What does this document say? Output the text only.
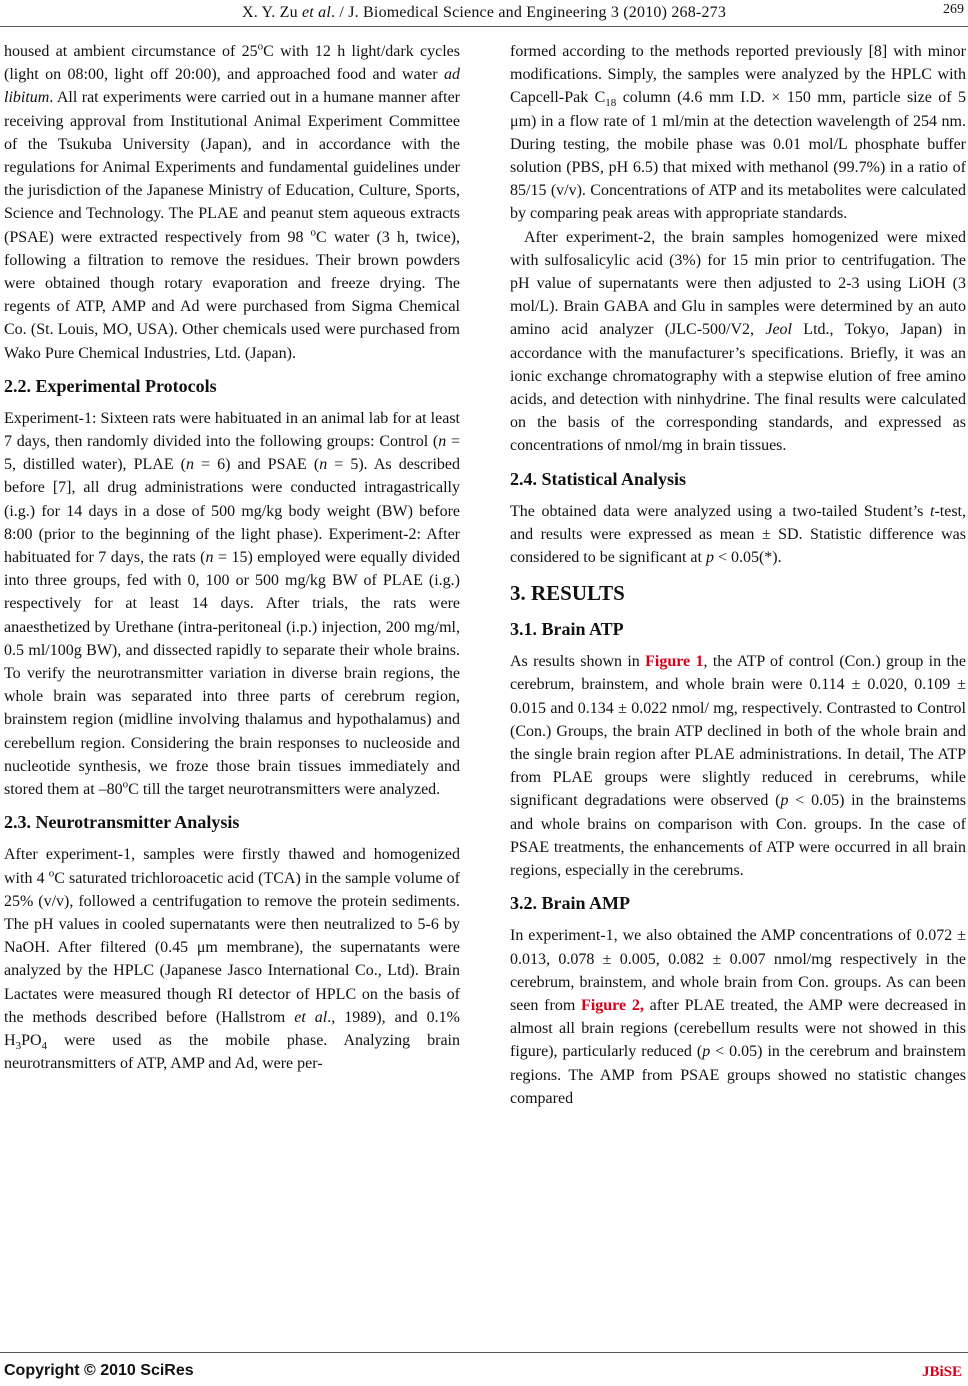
X. Y. Zu et al. / J. Biomedical Science and Engineering 3 (2010) 268-273	269

housed at ambient circumstance of 25$^o$C with 12 h light/dark cycles (light on 08:00, light off 20:00), and approached food and water ad libitum. All rat experiments were carried out in a humane manner after receiving approval from Institutional Animal Experiment Committee of the Tsukuba University (Japan), and in accordance with the regulations for Animal Experiments and fundamental guidelines under the jurisdiction of the Japanese Ministry of Education, Culture, Sports, Science and Technology. The PLAE and peanut stem aqueous extracts (PSAE) were extracted respectively from 98 $^o$C water (3 h, twice), following a filtration to remove the residues. Their brown powders were obtained though rotary evaporation and freeze drying. The regents of ATP, AMP and Ad were purchased from Sigma Chemical Co. (St. Louis, MO, USA). Other chemicals used were purchased from Wako Pure Chemical Industries, Ltd. (Japan).

2.2. Experimental Protocols

Experiment-1: Sixteen rats were habituated in an animal lab for at least 7 days, then randomly divided into the following groups: Control (n = 5, distilled water), PLAE (n = 6) and PSAE (n = 5). As described before [7], all drug administrations were conducted intragastrically (i.g.) for 14 days in a dose of 500 mg/kg body weight (BW) before 8:00 (prior to the beginning of the light phase). Experiment-2: After habituated for 7 days, the rats (n = 15) employed were equally divided into three groups, fed with 0, 100 or 500 mg/kg BW of PLAE (i.g.) respectively for at least 14 days. After trials, the rats were anaesthetized by Urethane (intra-peritoneal (i.p.) injection, 200 mg/ml, 0.5 ml/100g BW), and dissected rapidly to separate their whole brains. To verify the neurotransmitter variation in diverse brain regions, the whole brain was separated into three parts of cerebrum region, brainstem region (midline involving thalamus and hypothalamus) and cerebellum region. Considering the brain responses to nucleoside and nucleotide synthesis, we froze those brain tissues immediately and stored them at –80$^o$C till the target neurotransmitters were analyzed.

2.3. Neurotransmitter Analysis

After experiment-1, samples were firstly thawed and homogenized with 4 $^o$C saturated trichloroacetic acid (TCA) in the sample volume of 25% (v/v), followed a centrifugation to remove the protein sediments. The pH values in cooled supernatants were then neutralized to 5-6 by NaOH. After filtered (0.45 μm membrane), the supernatants were analyzed by the HPLC (Japanese Jasco International Co., Ltd). Brain Lactates were measured though RI detector of HPLC on the basis of the methods described before (Hallstrom et al., 1989), and 0.1% $H_3PO_4$ were used as the mobile phase. Analyzing brain neurotransmitters of ATP, AMP and Ad, were per-

formed according to the methods reported previously [8] with minor modifications. Simply, the samples were analyzed by the HPLC with Capcell-Pak $C_{18}$ column (4.6 mm I.D. × 150 mm, particle size of 5 μm) in a flow rate of 1 ml/min at the detection wavelength of 254 nm. During testing, the mobile phase was 0.01 mol/L phosphate buffer solution (PBS, pH 6.5) that mixed with methanol (99.7%) in a ratio of 85/15 (v/v). Concentrations of ATP and its metabolites were calculated by comparing peak areas with appropriate standards.

After experiment-2, the brain samples homogenized were mixed with sulfosalicylic acid (3%) for 15 min prior to centrifugation. The pH value of supernatants were then adjusted to 2-3 using LiOH (3 mol/L). Brain GABA and Glu in samples were determined by an auto amino acid analyzer (JLC-500/V2, Jeol Ltd., Tokyo, Japan) in accordance with the manufacturer’s specifications. Briefly, it was an ionic exchange chromatography with a stepwise elution of free amino acids, and detection with ninhydrine. The final results were calculated on the basis of the corresponding standards, and expressed as concentrations of nmol/mg in brain tissues.

2.4. Statistical Analysis

The obtained data were analyzed using a two-tailed Student’s t-test, and results were expressed as mean ± SD. Statistic difference was considered to be significant at p < 0.05(*).

3. RESULTS
3.1. Brain ATP

As results shown in Figure 1, the ATP of control (Con.) group in the cerebrum, brainstem, and whole brain were 0.114 ± 0.020, 0.109 ± 0.015 and 0.134 ± 0.022 nmol/ mg, respectively. Contrasted to Control (Con.) Groups, the brain ATP declined in both of the whole brain and the single brain region after PLAE administrations. In detail, The ATP from PLAE groups were slightly reduced in cerebrums, while significant degradations were observed (p < 0.05) in the brainstems and whole brains on comparison with Con. groups. In the case of PSAE treatments, the enhancements of ATP were occurred in all brain regions, especially in the cerebrums.

3.2. Brain AMP

In experiment-1, we also obtained the AMP concentrations of 0.072 ± 0.013, 0.078 ± 0.005, 0.082 ± 0.007 nmol/mg respectively in the cerebrum, brainstem, and whole brain from Con. groups. As can been seen from Figure 2, after PLAE treated, the AMP were decreased in almost all brain regions (cerebellum results were not showed in this figure), particularly reduced (p < 0.05) in the cerebrum and brainstem regions. The AMP from PSAE groups showed no statistic changes compared

Copyright © 2010 SciRes	JBiSE
